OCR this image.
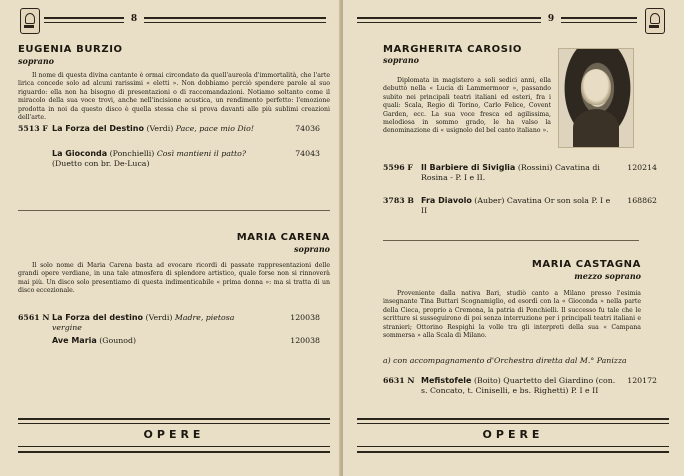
8
EUGENIA BURZIO
soprano

Il nome di questa divina cantante è ormai circondato da quell'aureola d'immortalità, che l'arte lirica concede solo ad alcuni rarissimi « eletti ». Non dobbiamo perciò spendere parole al suo riguardo: ella non ha bisogno di presentazioni o di raccomandazioni. Notiamo soltanto come il miracolo della sua voce trovi, anche nell'incisione acustica, un rendimento perfetto: l'emozione prodotta in noi da questo disco è quella stessa che si prova davanti alle più sublimi creazioni dell'arte.

5513 F La Forza del Destino (Verdi) Pace, pace mio Dio!	74036
La Gioconda (Ponchielli) Così mantieni il patto? (Duetto con br. De-Luca)
74043
MARIA CARENA
soprano

Il solo nome di Maria Carena basta ad evocare ricordi di passate rappresentazioni delle grandi opere verdiane, in una tale atmosfera di splendore artistico, quale forse non si rinnoverà mai più. Un disco solo presentiamo di questa indimenticabile « prima donna »: ma si tratta di un disco eccezionale.

6561 N La Forza del destino (Verdi) Madre, pietosa vergine
120038
Ave Maria (Gounod)	120038
OPERE
9
MARGHERITA CAROSIO
soprano

Diplomata in magistero a soli sedici anni, ella debuttò nella « Lucia di Lammermoor », passando subito nei principali teatri italiani ed esteri, fra i quali: Scala, Regio di Torino, Carlo Felice, Covent Garden, ecc. La sua voce fresca ed agilissima, melodiosa in sommo grado, le ha valso la denominazione di « usignolo del bel canto italiano ».

5596 F Il Barbiere di Siviglia (Rossini) Cavatina di Rosina - P. I e II.
120214
3783 B Fra Diavolo (Auber) Cavatina Or son sola P. I e II
168862
MARIA CASTAGNA
mezzo soprano

Proveniente dalla nativa Bari, studiò canto a Milano presso l'esimia insegnante Tina Buttari Scognamiglio, ed esordì con la « Gioconda » nella parte della Cieca, proprio a Cremona, la patria di Ponchielli. Il successo fu tale che le scritture si susseguirono di poi senza interruzione per i principali teatri italiani e stranieri; Ottorino Respighi la volle tra gli interpreti della sua « Campana sommersa » alla Scala di Milano.

a) con accompagnamento d'Orchestra diretta dal M.° Panizza
6631 N Mefistofele (Boito) Quartetto del Giardino (con. s. Concato, t. Ciniselli, e bs. Righetti) P. I e II
120172
OPERE
